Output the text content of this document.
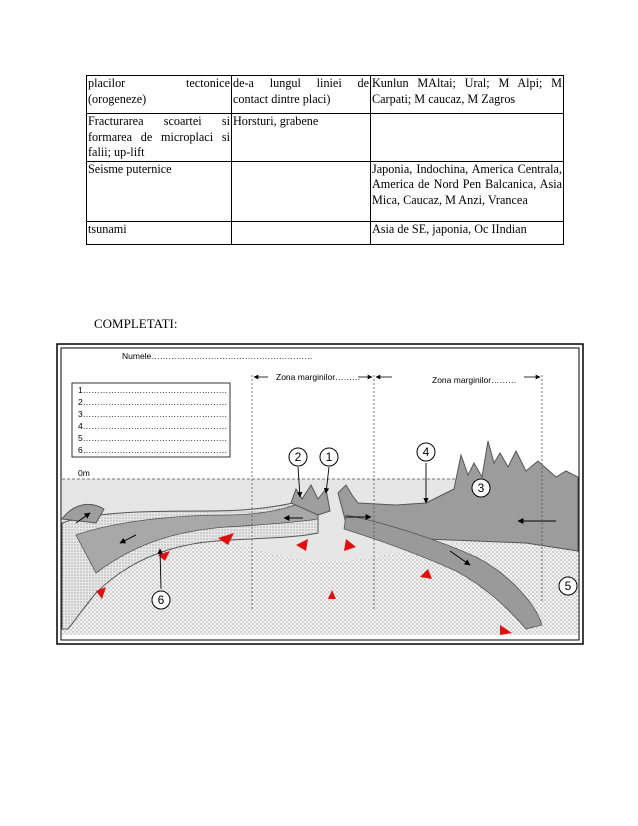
placilor tectonice (orogeneze)	de-a lungul liniei de contact dintre placi)	Kunlun MAltai; Ural; M Alpi; M Carpati; M caucaz, M Zagros
Fracturarea scoartei si formarea de microplaci si falii; up-lift	Horsturi, grabene	
Seisme puternice		Japonia, Indochina, America Centrala, America de Nord Pen Balcanica, Asia Mica, Caucaz, M Anzi, Vrancea
tsunami		Asia de SE, japonia, Oc IIndian
COMPLETATI:
Numele…………………………………………………
Zona marginilor………	Zona marginilor………
1……………………………………………
2……………………………………………
3……………………………………………
4……………………………………………
5……………………………………………
6……………………………………………
0m
2 1	4
3
5
6
